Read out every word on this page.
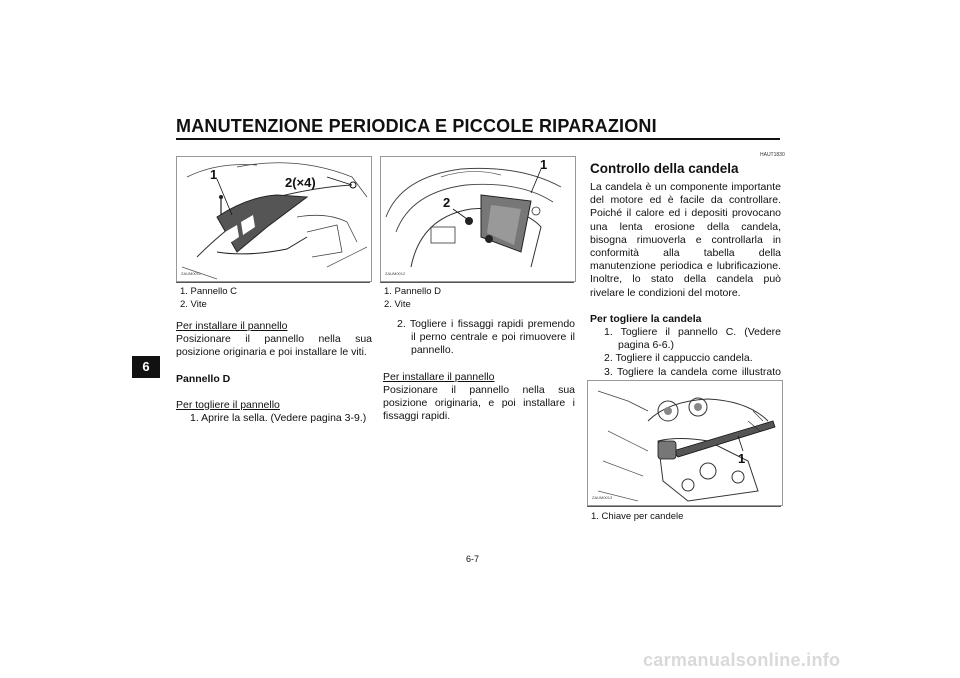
MANUTENZIONE PERIODICA E PICCOLE RIPARAZIONI
6
1
2(×4)
ZAUM0011
1. Pannello C
2. Vite
Per installare il pannello
Posizionare il pannello nella sua posizione originaria e poi installare le viti.
Pannello D
Per togliere il pannello
1. Aprire la sella. (Vedere pagina 3-9.)
1
2
ZAUM0012
1. Pannello D
2. Vite
2. Togliere i fissaggi rapidi premendo il perno centrale e poi rimuovere il pannello.
Per installare il pannello
Posizionare il pannello nella sua posizione originaria, e poi installare i fissaggi rapidi.
HAUT1830
Controllo della candela
La candela è un componente importante del motore ed è facile da controllare. Poiché il calore ed i depositi provocano una lenta erosione della candela, bisogna rimuoverla e controllarla in conformità alla tabella della manutenzione periodica e lubrificazione. Inoltre, lo stato della candela può rivelare le condizioni del motore.
Per togliere la candela
1. Togliere il pannello C. (Vedere pagina 6-6.)
2. Togliere il cappuccio candela.
3. Togliere la candela come illustrato
1
ZAUM0013
1. Chiave per candele
6-7
carmanualsonline.info
